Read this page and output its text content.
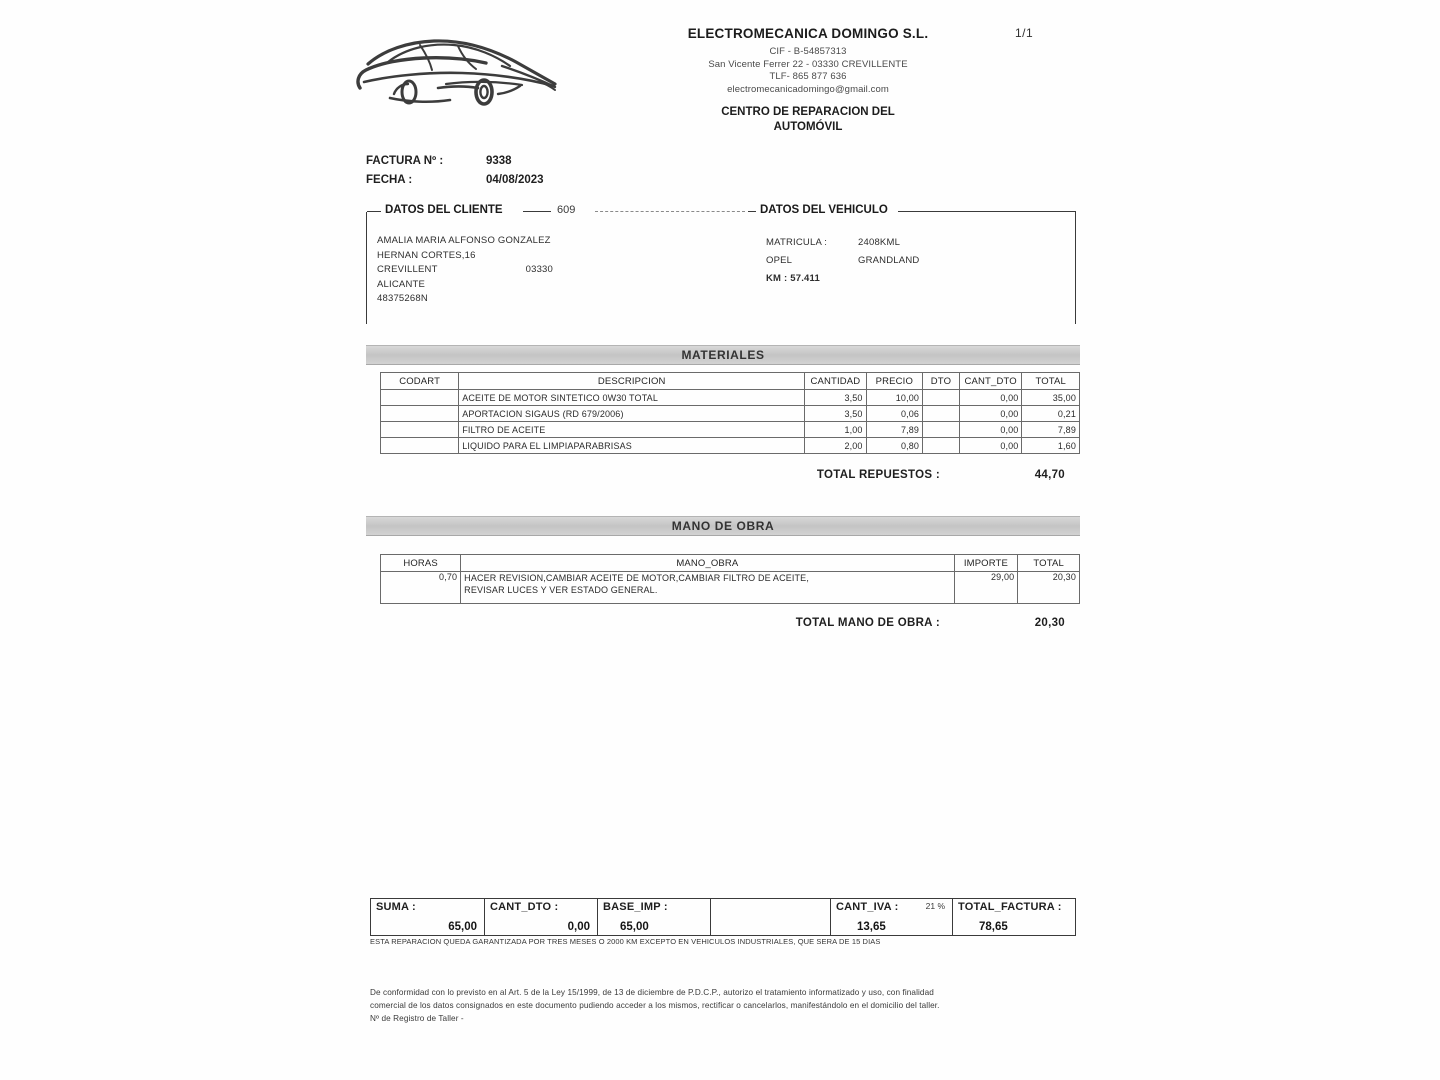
ELECTROMECANICA DOMINGO S.L.
CIF - B-54857313
San Vicente Ferrer 22 - 03330 CREVILLENTE
TLF- 865 877 636
electromecanicadomingo@gmail.com
CENTRO DE REPARACION DEL
AUTOMÓVIL
1/1
FACTURA Nº :	9338
FECHA :	04/08/2023
DATOS DEL CLIENTE	609
AMALIA MARIA ALFONSO GONZALEZ
HERNAN CORTES,16
CREVILLENT	03330
ALICANTE
48375268N
DATOS DEL VEHICULO
MATRICULA :	2408KML
OPEL	GRANDLAND
KM : 57.411
MATERIALES
CODART	DESCRIPCION	CANTIDAD	PRECIO	DTO	CANT_DTO	TOTAL
	ACEITE DE MOTOR SINTETICO 0W30 TOTAL	3,50	10,00		0,00	35,00
	APORTACION SIGAUS (RD 679/2006)	3,50	0,06		0,00	0,21
	FILTRO DE ACEITE	1,00	7,89		0,00	7,89
	LIQUIDO PARA EL LIMPIAPARABRISAS	2,00	0,80		0,00	1,60
TOTAL REPUESTOS :	44,70
MANO DE OBRA
HORAS	MANO_OBRA	IMPORTE	TOTAL
0,70	HACER REVISION,CAMBIAR ACEITE DE MOTOR,CAMBIAR FILTRO DE ACEITE,
REVISAR LUCES Y VER ESTADO GENERAL.	29,00	20,30
TOTAL MANO DE OBRA :	20,30
SUMA :
65,00
CANT_DTO :
0,00
BASE_IMP :
65,00
CANT_IVA :	21 %
13,65
TOTAL_FACTURA :
78,65
ESTA REPARACION QUEDA GARANTIZADA POR TRES MESES O 2000 KM EXCEPTO EN VEHICULOS INDUSTRIALES, QUE SERA DE 15 DIAS
De conformidad con lo previsto en al Art. 5 de la Ley 15/1999, de 13 de diciembre de P.D.C.P., autorizo el tratamiento informatizado y uso, con finalidad
comercial de los datos consignados en este documento pudiendo acceder a los mismos, rectificar o cancelarlos, manifestándolo en el domicilio del taller.
Nº de Registro de Taller -
